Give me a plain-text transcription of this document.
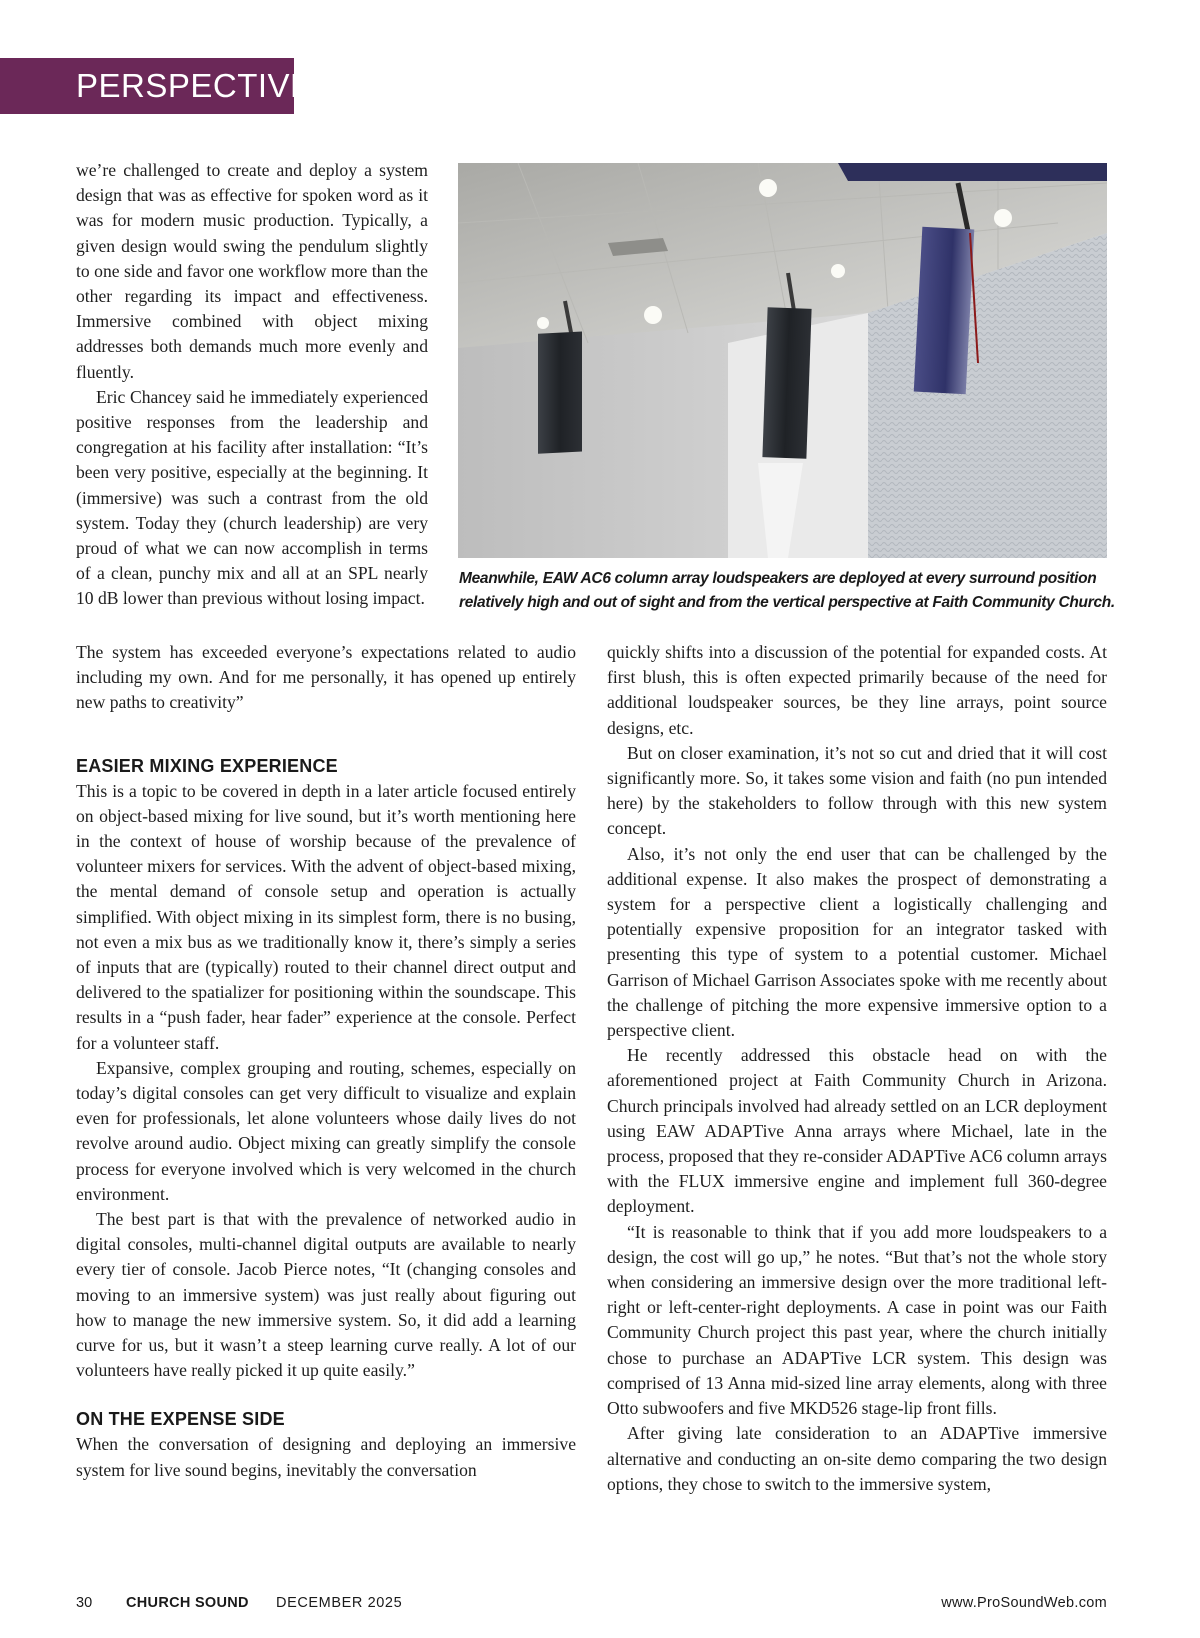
PERSPECTIVE

we’re challenged to create and deploy a system design that was as effective for spoken word as it was for modern music production. Typically, a given design would swing the pendulum slightly to one side and favor one workflow more than the other regarding its impact and effectiveness. Immersive combined with object mixing addresses both demands much more evenly and fluently.

Eric Chancey said he immediately experienced positive responses from the leadership and congregation at his facility after installation: “It’s been very positive, especially at the beginning. It (immersive) was such a contrast from the old system. Today they (church leadership) are very proud of what we can now accomplish in terms of a clean, punchy mix and all at an SPL nearly 10 dB lower than previous without losing impact.

Meanwhile, EAW AC6 column array loudspeakers are deployed at every surround position
relatively high and out of sight and from the vertical perspective at Faith Community Church.

The system has exceeded everyone’s expectations related to audio including my own. And for me personally, it has opened up entirely new paths to creativity”

EASIER MIXING EXPERIENCE

This is a topic to be covered in depth in a later article focused entirely on object-based mixing for live sound, but it’s worth mentioning here in the context of house of worship because of the prevalence of volunteer mixers for services. With the advent of object-based mixing, the mental demand of console setup and operation is actually simplified. With object mixing in its simplest form, there is no busing, not even a mix bus as we traditionally know it, there’s simply a series of inputs that are (typically) routed to their channel direct output and delivered to the spatializer for positioning within the soundscape. This results in a “push fader, hear fader” experience at the console. Perfect for a volunteer staff.

Expansive, complex grouping and routing, schemes, especially on today’s digital consoles can get very difficult to visualize and explain even for professionals, let alone volunteers whose daily lives do not revolve around audio. Object mixing can greatly simplify the console process for everyone involved which is very welcomed in the church environment.

The best part is that with the prevalence of networked audio in digital consoles, multi-channel digital outputs are available to nearly every tier of console. Jacob Pierce notes, “It (changing consoles and moving to an immersive system) was just really about figuring out how to manage the new immersive system. So, it did add a learning curve for us, but it wasn’t a steep learning curve really. A lot of our volunteers have really picked it up quite easily.”

ON THE EXPENSE SIDE

When the conversation of designing and deploying an immersive system for live sound begins, inevitably the conversation

quickly shifts into a discussion of the potential for expanded costs. At first blush, this is often expected primarily because of the need for additional loudspeaker sources, be they line arrays, point source designs, etc.

But on closer examination, it’s not so cut and dried that it will cost significantly more. So, it takes some vision and faith (no pun intended here) by the stakeholders to follow through with this new system concept.

Also, it’s not only the end user that can be challenged by the additional expense. It also makes the prospect of demonstrating a system for a perspective client a logistically challenging and potentially expensive proposition for an integrator tasked with presenting this type of system to a potential customer. Michael Garrison of Michael Garrison Associates spoke with me recently about the challenge of pitching the more expensive immersive option to a perspective client.

He recently addressed this obstacle head on with the aforementioned project at Faith Community Church in Arizona. Church principals involved had already settled on an LCR deployment using EAW ADAPTive Anna arrays where Michael, late in the process, proposed that they re-consider ADAPTive AC6 column arrays with the FLUX immersive engine and implement full 360-degree deployment.

“It is reasonable to think that if you add more loudspeakers to a design, the cost will go up,” he notes. “But that’s not the whole story when considering an immersive design over the more traditional left-right or left-center-right deployments. A case in point was our Faith Community Church project this past year, where the church initially chose to purchase an ADAPTive LCR system. This design was comprised of 13 Anna mid-sized line array elements, along with three Otto subwoofers and five MKD526 stage-lip front fills.

After giving late consideration to an ADAPTive immersive alternative and conducting an on-site demo comparing the two design options, they chose to switch to the immersive system,

30 CHURCH SOUND DECEMBER 2025	www.ProSoundWeb.com
